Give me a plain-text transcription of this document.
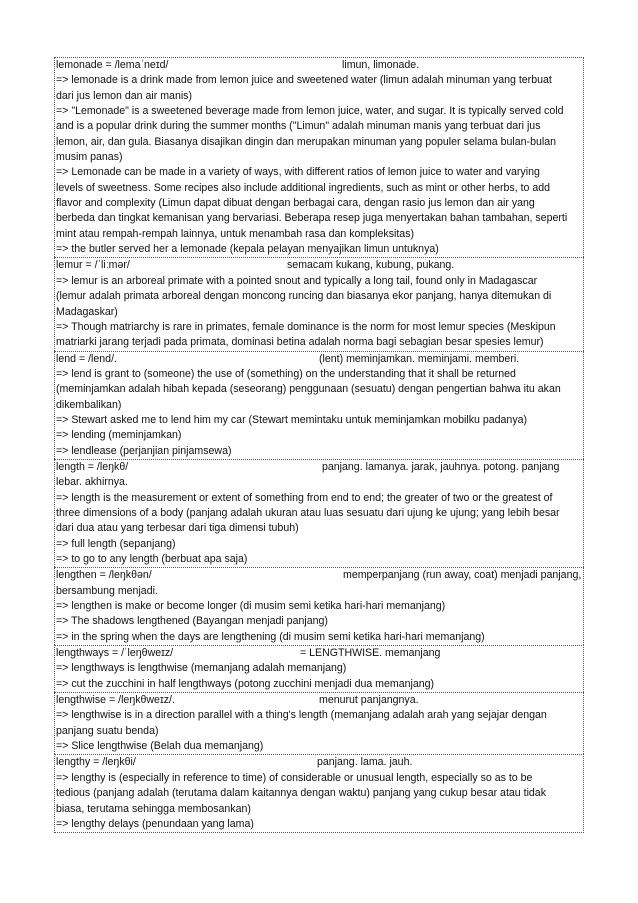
lemonade = /lemaˈneɪd/	limun, limonade.
=> lemonade is a drink made from lemon juice and sweetened water (limun adalah minuman yang terbuat
dari jus lemon dan air manis)
=> "Lemonade" is a sweetened beverage made from lemon juice, water, and sugar. It is typically served cold
and is a popular drink during the summer months ("Limun" adalah minuman manis yang terbuat dari jus
lemon, air, dan gula. Biasanya disajikan dingin dan merupakan minuman yang populer selama bulan-bulan
musim panas)
=> Lemonade can be made in a variety of ways, with different ratios of lemon juice to water and varying
levels of sweetness. Some recipes also include additional ingredients, such as mint or other herbs, to add
flavor and complexity (Limun dapat dibuat dengan berbagai cara, dengan rasio jus lemon dan air yang
berbeda dan tingkat kemanisan yang bervariasi. Beberapa resep juga menyertakan bahan tambahan, seperti
mint atau rempah-rempah lainnya, untuk menambah rasa dan kompleksitas)
=> the butler served her a lemonade (kepala pelayan menyajikan limun untuknya)
lemur = /ˈliːmər/	semacam kukang, kubung, pukang.
=> lemur is an arboreal primate with a pointed snout and typically a long tail, found only in Madagascar
(lemur adalah primata arboreal dengan moncong runcing dan biasanya ekor panjang, hanya ditemukan di
Madagaskar)
=> Though matriarchy is rare in primates, female dominance is the norm for most lemur species (Meskipun
matriarki jarang terjadi pada primata, dominasi betina adalah norma bagi sebagian besar spesies lemur)
lend = /lend/.	(lent) meminjamkan. meminjami. memberi.
=> lend is grant to (someone) the use of (something) on the understanding that it shall be returned
(meminjamkan adalah hibah kepada (seseorang) penggunaan (sesuatu) dengan pengertian bahwa itu akan
dikembalikan)
=> Stewart asked me to lend him my car (Stewart memintaku untuk meminjamkan mobilku padanya)
=> lending (meminjamkan)
=> lendlease (perjanjian pinjamsewa)
length = /leŋkθ/	panjang. lamanya. jarak, jauhnya. potong. panjang
lebar. akhirnya.
=> length is the measurement or extent of something from end to end; the greater of two or the greatest of
three dimensions of a body (panjang adalah ukuran atau luas sesuatu dari ujung ke ujung; yang lebih besar
dari dua atau yang terbesar dari tiga dimensi tubuh)
=> full length (sepanjang)
=> to go to any length (berbuat apa saja)
lengthen = /leŋkθən/	memperpanjang (run away, coat) menjadi panjang,
bersambung menjadi.
=> lengthen is make or become longer (di musim semi ketika hari-hari memanjang)
=> The shadows lengthened (Bayangan menjadi panjang)
=> in the spring when the days are lengthening (di musim semi ketika hari-hari memanjang)
lengthways = /ˈleŋθweɪz/	= LENGTHWISE. memanjang
=> lengthways is lengthwise (memanjang adalah memanjang)
=> cut the zucchini in half lengthways (potong zucchini menjadi dua memanjang)
lengthwise = /leŋkθweɪz/.	menurut panjangnya.
=> lengthwise is in a direction parallel with a thing's length (memanjang adalah arah yang sejajar dengan
panjang suatu benda)
=> Slice lengthwise (Belah dua memanjang)
lengthy = /leŋkθi/	panjang. lama. jauh.
=> lengthy is (especially in reference to time) of considerable or unusual length, especially so as to be
tedious (panjang adalah (terutama dalam kaitannya dengan waktu) panjang yang cukup besar atau tidak
biasa, terutama sehingga membosankan)
=> lengthy delays (penundaan yang lama)
